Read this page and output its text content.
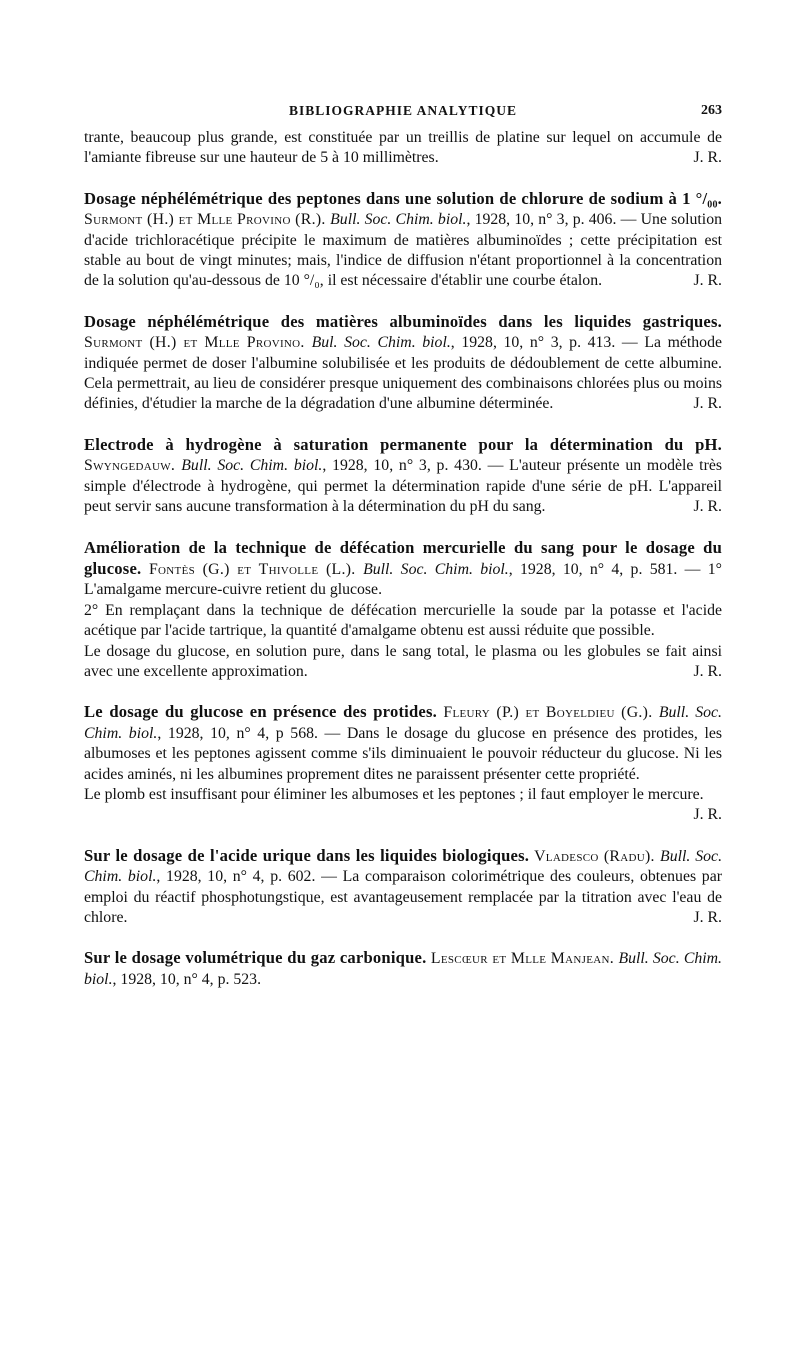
BIBLIOGRAPHIE ANALYTIQUE	263
trante, beaucoup plus grande, est constituée par un treillis de platine sur lequel on accumule de l'amiante fibreuse sur une hauteur de 5 à 10 millimètres.	J. R.
Dosage néphélémétrique des peptones dans une solution de chlorure de sodium à 1 °/₀₀. Surmont (H.) et Mlle Provino (R.). Bull. Soc. Chim. biol., 1928, 10, n° 3, p. 406. — Une solution d'acide trichloracétique précipite le maximum de matières albuminoïdes ; cette précipitation est stable au bout de vingt minutes; mais, l'indice de diffusion n'étant proportionnel à la concentration de la solution qu'au-dessous de 10 °/₀, il est nécessaire d'établir une courbe étalon.	J. R.
Dosage néphélémétrique des matières albuminoïdes dans les liquides gastriques. Surmont (H.) et Mlle Provino. Bul. Soc. Chim. biol., 1928, 10, n° 3, p. 413. — La méthode indiquée permet de doser l'albumine solubilisée et les produits de dédoublement de cette albumine. Cela permettrait, au lieu de considérer presque uniquement des combinaisons chlorées plus ou moins définies, d'étudier la marche de la dégradation d'une albumine déterminée.	J. R.
Electrode à hydrogène à saturation permanente pour la détermination du pH. Swyngedauw. Bull. Soc. Chim. biol., 1928, 10, n° 3, p. 430. — L'auteur présente un modèle très simple d'électrode à hydrogène, qui permet la détermination rapide d'une série de pH. L'appareil peut servir sans aucune transformation à la détermination du pH du sang.	J. R.

Amélioration de la technique de défécation mercurielle du sang pour le dosage du glucose. Fontès (G.) et Thivolle (L.). Bull. Soc. Chim. biol., 1928, 10, n° 4, p. 581. — 1° L'amalgame mercure-cuivre retient du glucose.

2° En remplaçant dans la technique de défécation mercurielle la soude par la potasse et l'acide acétique par l'acide tartrique, la quantité d'amalgame obtenu est aussi réduite que possible.

Le dosage du glucose, en solution pure, dans le sang total, le plasma ou les globules se fait ainsi avec une excellente approximation.	J. R.

Le dosage du glucose en présence des protides. Fleury (P.) et Boyeldieu (G.). Bull. Soc. Chim. biol., 1928, 10, n° 4, p 568. — Dans le dosage du glucose en présence des protides, les albumoses et les peptones agissent comme s'ils diminuaient le pouvoir réducteur du glucose. Ni les acides aminés, ni les albumines proprement dites ne paraissent présenter cette propriété.

Le plomb est insuffisant pour éliminer les albumoses et les peptones ; il faut employer le mercure.
J. R.

Sur le dosage de l'acide urique dans les liquides biologiques. Vladesco (Radu). Bull. Soc. Chim. biol., 1928, 10, n° 4, p. 602. — La comparaison colorimétrique des couleurs, obtenues par emploi du réactif phosphotungstique, est avantageusement remplacée par la titration avec l'eau de chlore.	J. R.
Sur le dosage volumétrique du gaz carbonique. Lescœur et Mlle Manjean. Bull. Soc. Chim. biol., 1928, 10, n° 4, p. 523.
